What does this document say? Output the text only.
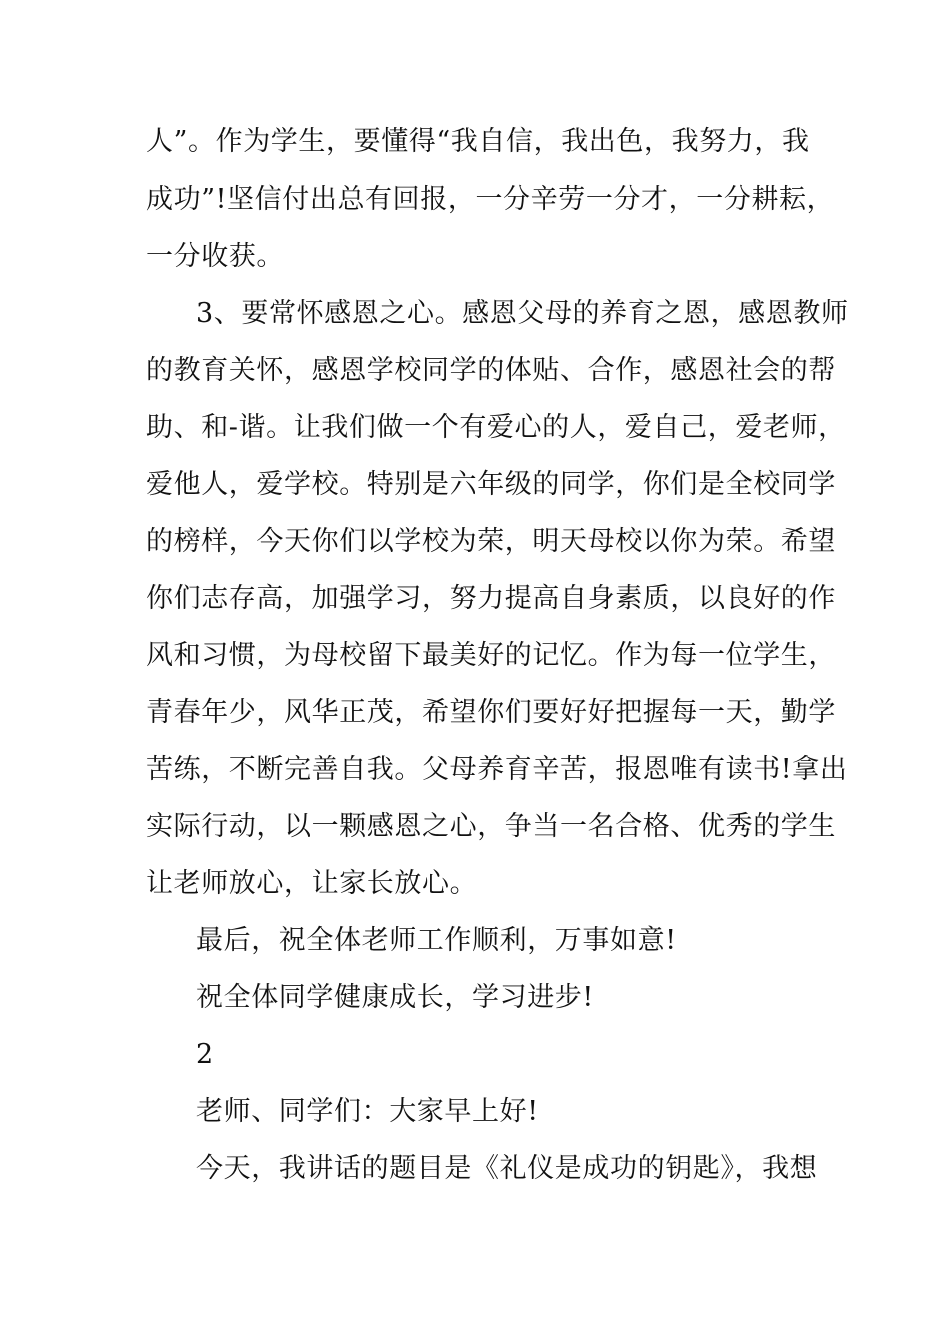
人”。作为学生，要懂得“我自信，我出色，我努力，我
成功”!坚信付出总有回报，一分辛劳一分才，一分耕耘，
一分收获。
3、要常怀感恩之心。感恩父母的养育之恩，感恩教师
的教育关怀，感恩学校同学的体贴、合作，感恩社会的帮
助、和-谐。让我们做一个有爱心的人，爱自己，爱老师，
爱他人，爱学校。特别是六年级的同学，你们是全校同学
的榜样，今天你们以学校为荣，明天母校以你为荣。希望
你们志存高，加强学习，努力提高自身素质，以良好的作
风和习惯，为母校留下最美好的记忆。作为每一位学生，
青春年少，风华正茂，希望你们要好好把握每一天，勤学
苦练，不断完善自我。父母养育辛苦，报恩唯有读书!拿出
实际行动，以一颗感恩之心，争当一名合格、优秀的学生
让老师放心，让家长放心。
最后，祝全体老师工作顺利，万事如意!
祝全体同学健康成长，学习进步!
2
老师、同学们：大家早上好!
今天，我讲话的题目是《礼仪是成功的钥匙》，我想
